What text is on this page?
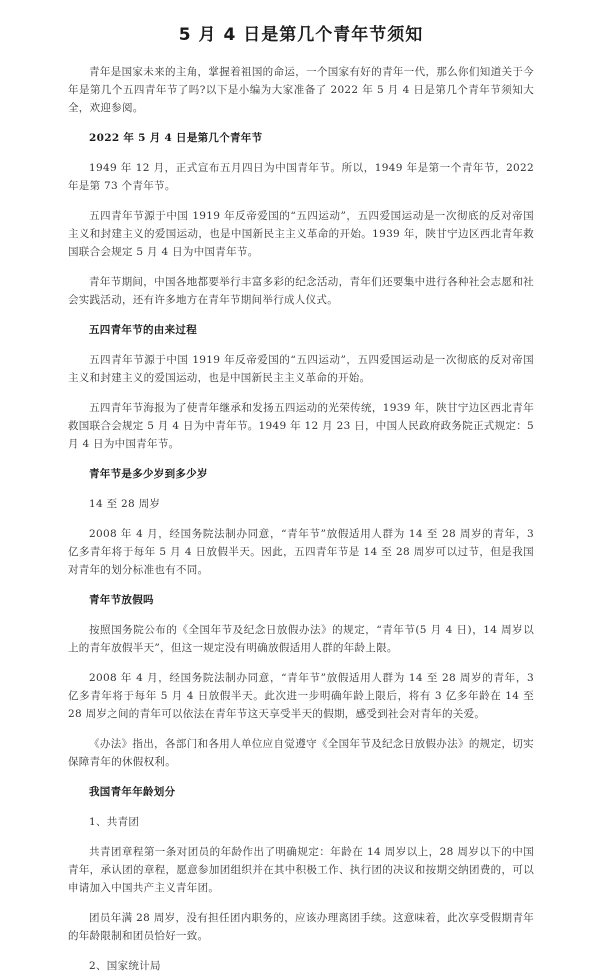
5 月 4 日是第几个青年节须知

青年是国家未来的主角，掌握着祖国的命运，一个国家有好的青年一代，那么你们知道关于今年是第几个五四青年节了吗?以下是小编为大家准备了 2022 年 5 月 4 日是第几个青年节须知大全，欢迎参阅。

2022 年 5 月 4 日是第几个青年节

1949 年 12 月，正式宣布五月四日为中国青年节。所以，1949 年是第一个青年节，2022 年是第 73 个青年节。

五四青年节源于中国 1919 年反帝爱国的“五四运动”，五四爱国运动是一次彻底的反对帝国主义和封建主义的爱国运动，也是中国新民主主义革命的开始。1939 年，陕甘宁边区西北青年救国联合会规定 5 月 4 日为中国青年节。

青年节期间，中国各地都要举行丰富多彩的纪念活动，青年们还要集中进行各种社会志愿和社会实践活动，还有许多地方在青年节期间举行成人仪式。

五四青年节的由来过程

五四青年节源于中国 1919 年反帝爱国的“五四运动”，五四爱国运动是一次彻底的反对帝国主义和封建主义的爱国运动，也是中国新民主主义革命的开始。

五四青年节海报为了使青年继承和发扬五四运动的光荣传统，1939 年，陕甘宁边区西北青年救国联合会规定 5 月 4 日为中青年节。1949 年 12 月 23 日，中国人民政府政务院正式规定：5 月 4 日为中国青年节。

青年节是多少岁到多少岁

14 至 28 周岁

2008 年 4 月，经国务院法制办同意，“青年节”放假适用人群为 14 至 28 周岁的青年，3 亿多青年将于每年 5 月 4 日放假半天。因此，五四青年节是 14 至 28 周岁可以过节，但是我国对青年的划分标准也有不同。

青年节放假吗

按照国务院公布的《全国年节及纪念日放假办法》的规定，“青年节(5 月 4 日)，14 周岁以上的青年放假半天”，但这一规定没有明确放假适用人群的年龄上限。

2008 年 4 月，经国务院法制办同意，“青年节”放假适用人群为 14 至 28 周岁的青年，3 亿多青年将于每年 5 月 4 日放假半天。此次进一步明确年龄上限后，将有 3 亿多年龄在 14 至 28 周岁之间的青年可以依法在青年节这天享受半天的假期，感受到社会对青年的关爱。

《办法》指出，各部门和各用人单位应自觉遵守《全国年节及纪念日放假办法》的规定，切实保障青年的休假权利。

我国青年年龄划分

1、共青团

共青团章程第一条对团员的年龄作出了明确规定：年龄在 14 周岁以上，28 周岁以下的中国青年，承认团的章程，愿意参加团组织并在其中积极工作、执行团的决议和按期交纳团费的，可以申请加入中国共产主义青年团。

团员年满 28 周岁，没有担任团内职务的，应该办理离团手续。这意味着，此次享受假期青年的年龄限制和团员恰好一致。

2、国家统计局
